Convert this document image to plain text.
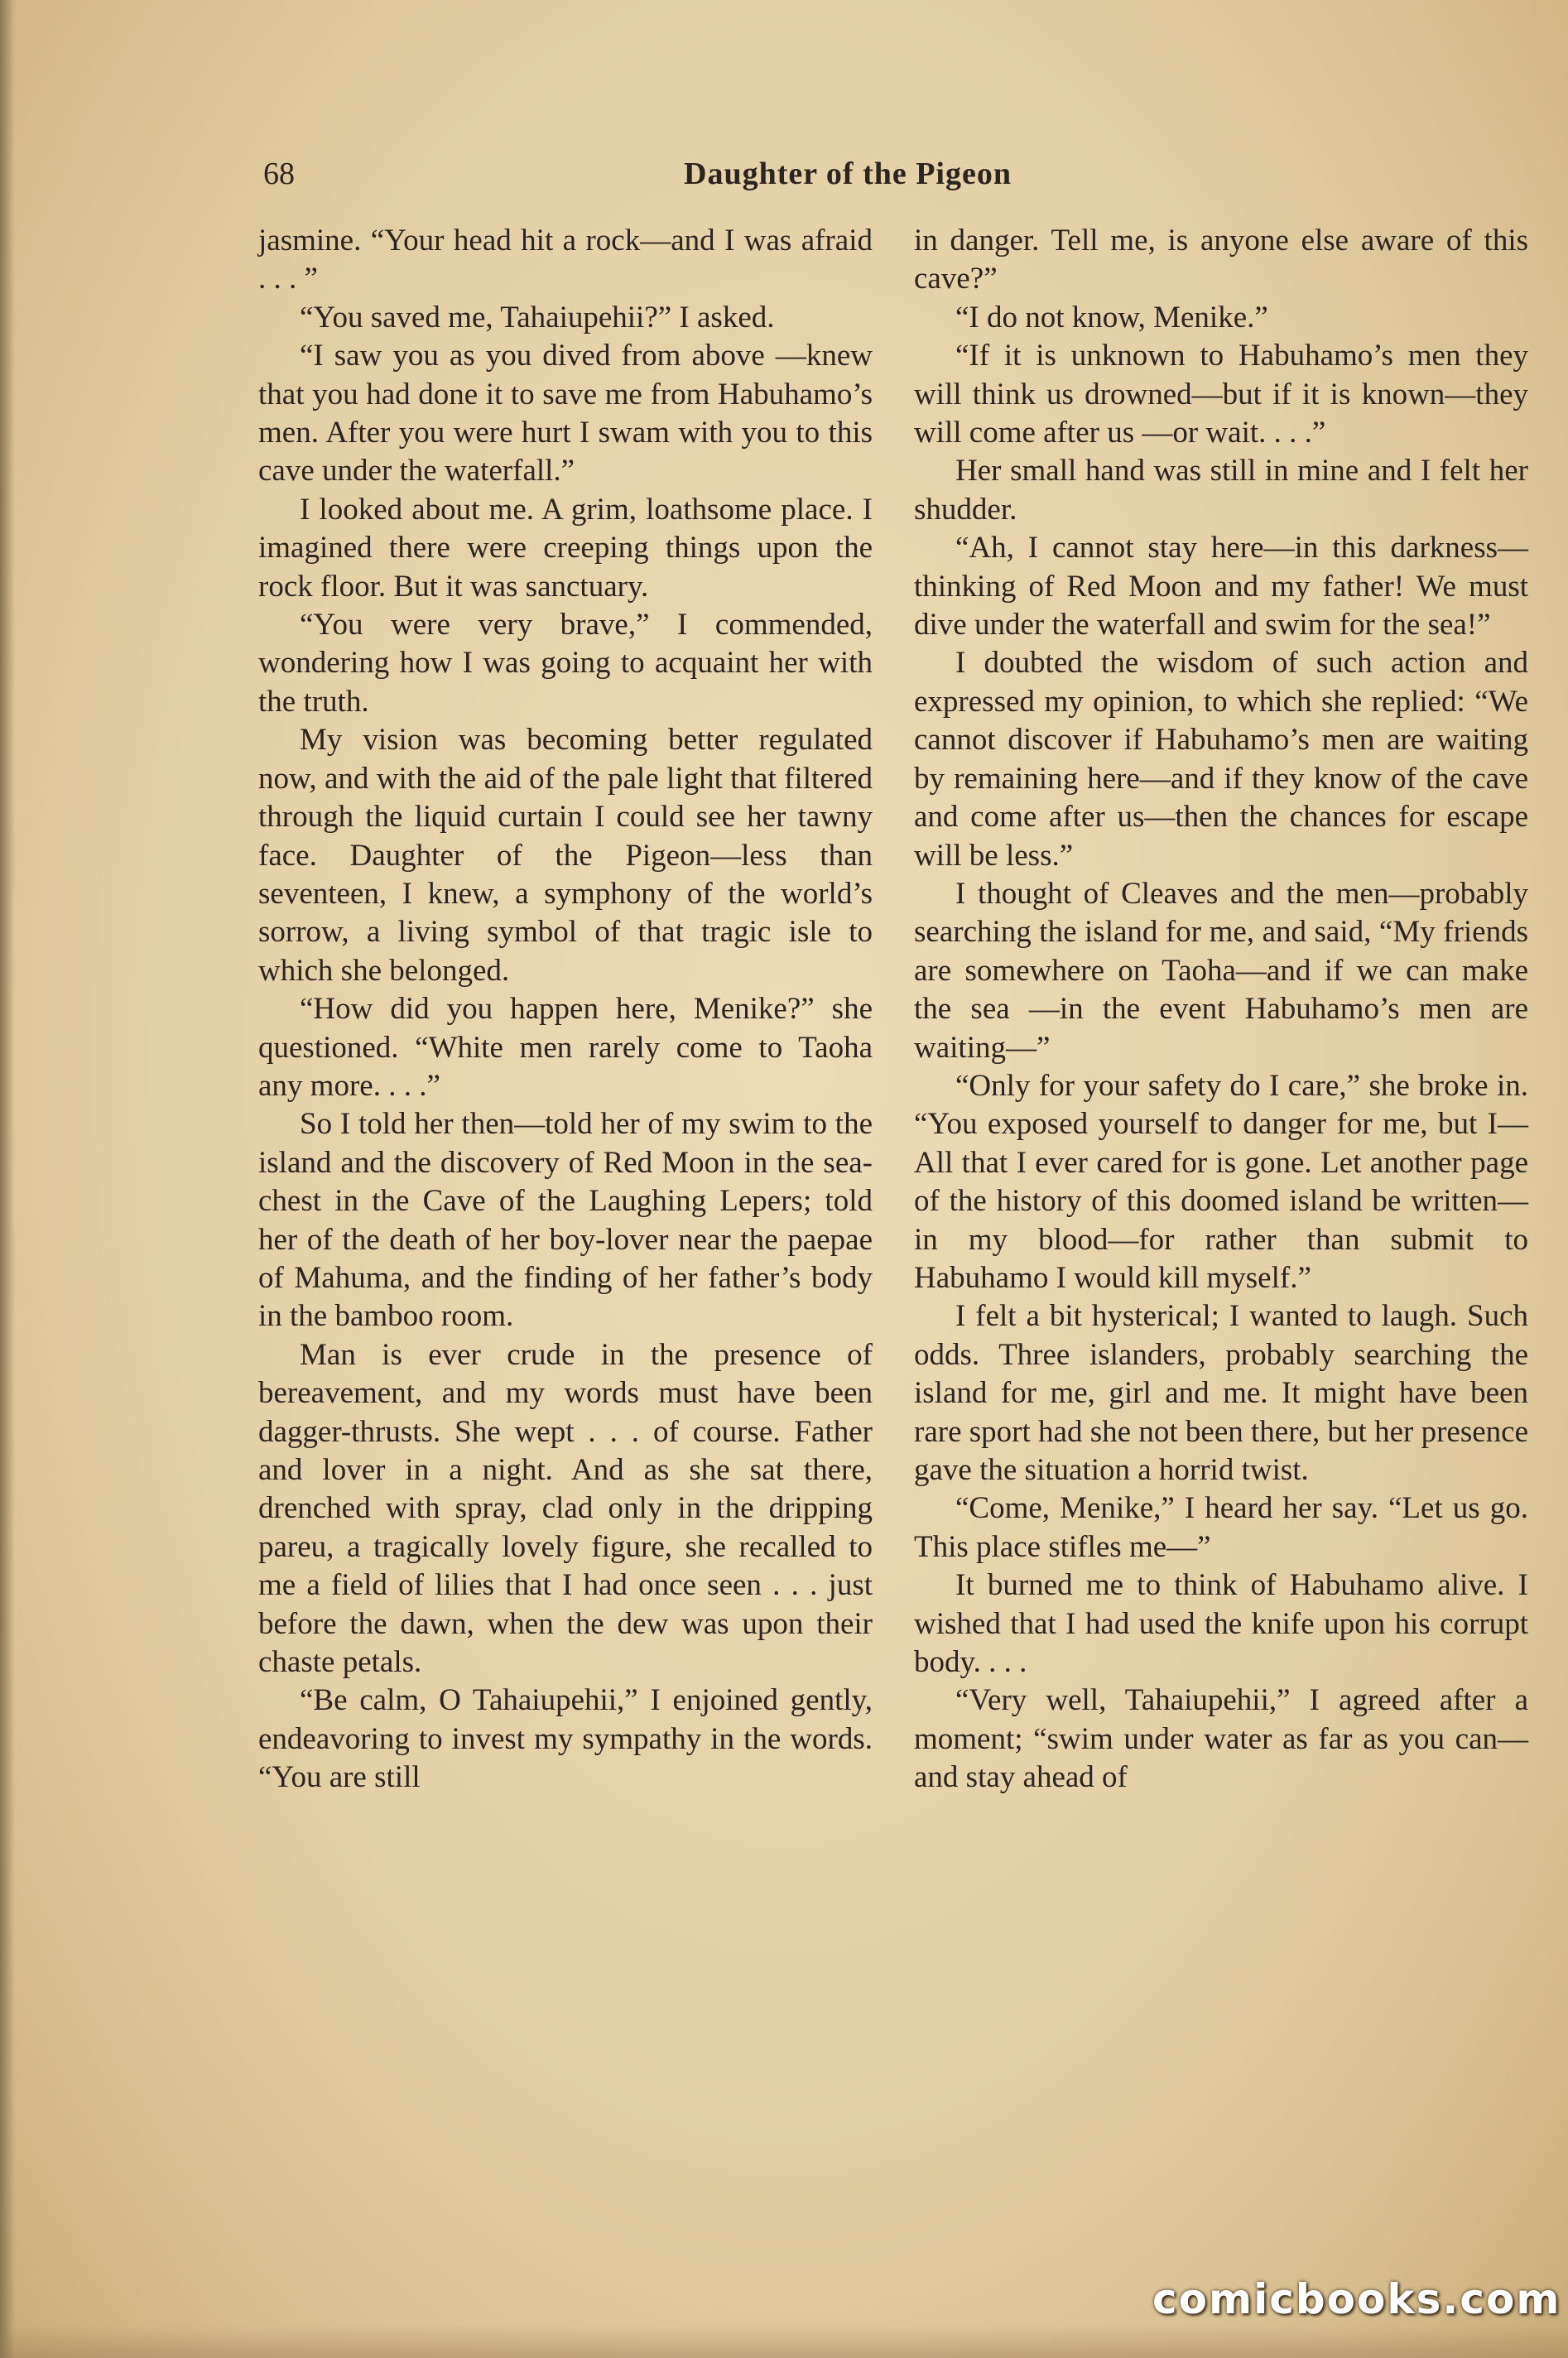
68	Daughter of the Pigeon

jasmine. “Your head hit a rock—and I was afraid . . . ”

“You saved me, Tahaiupehii?” I asked.

“I saw you as you dived from above —knew that you had done it to save me from Habuhamo’s men. After you were hurt I swam with you to this cave under the waterfall.”

I looked about me. A grim, loathsome place. I imagined there were creeping things upon the rock floor. But it was sanctuary.

“You were very brave,” I commended, wondering how I was going to acquaint her with the truth.

My vision was becoming better regulated now, and with the aid of the pale light that filtered through the liquid curtain I could see her tawny face. Daughter of the Pigeon—less than seventeen, I knew, a symphony of the world’s sorrow, a living symbol of that tragic isle to which she belonged.

“How did you happen here, Menike?” she questioned. “White men rarely come to Taoha any more. . . .”

So I told her then—told her of my swim to the island and the discovery of Red Moon in the sea-chest in the Cave of the Laughing Lepers; told her of the death of her boy-lover near the paepae of Mahuma, and the finding of her father’s body in the bamboo room.

Man is ever crude in the presence of bereavement, and my words must have been dagger-thrusts. She wept . . . of course. Father and lover in a night. And as she sat there, drenched with spray, clad only in the dripping pareu, a tragically lovely figure, she recalled to me a field of lilies that I had once seen . . . just before the dawn, when the dew was upon their chaste petals.

“Be calm, O Tahaiupehii,” I enjoined gently, endeavoring to invest my sympathy in the words. “You are still

in danger. Tell me, is anyone else aware of this cave?”

“I do not know, Menike.”

“If it is unknown to Habuhamo’s men they will think us drowned—but if it is known—they will come after us —or wait. . . .”

Her small hand was still in mine and I felt her shudder.

“Ah, I cannot stay here—in this darkness—thinking of Red Moon and my father! We must dive under the waterfall and swim for the sea!”

I doubted the wisdom of such action and expressed my opinion, to which she replied: “We cannot discover if Habuhamo’s men are waiting by remaining here—and if they know of the cave and come after us—then the chances for escape will be less.”

I thought of Cleaves and the men—probably searching the island for me, and said, “My friends are somewhere on Taoha—and if we can make the sea —in the event Habuhamo’s men are waiting—”

“Only for your safety do I care,” she broke in. “You exposed yourself to danger for me, but I— All that I ever cared for is gone. Let another page of the history of this doomed island be written—in my blood—for rather than submit to Habuhamo I would kill myself.”

I felt a bit hysterical; I wanted to laugh. Such odds. Three islanders, probably searching the island for me, girl and me. It might have been rare sport had she not been there, but her presence gave the situation a horrid twist.

“Come, Menike,” I heard her say. “Let us go. This place stifles me—”

It burned me to think of Habuhamo alive. I wished that I had used the knife upon his corrupt body. . . .

“Very well, Tahaiupehii,” I agreed after a moment; “swim under water as far as you can—and stay ahead of

comicbooks.com
